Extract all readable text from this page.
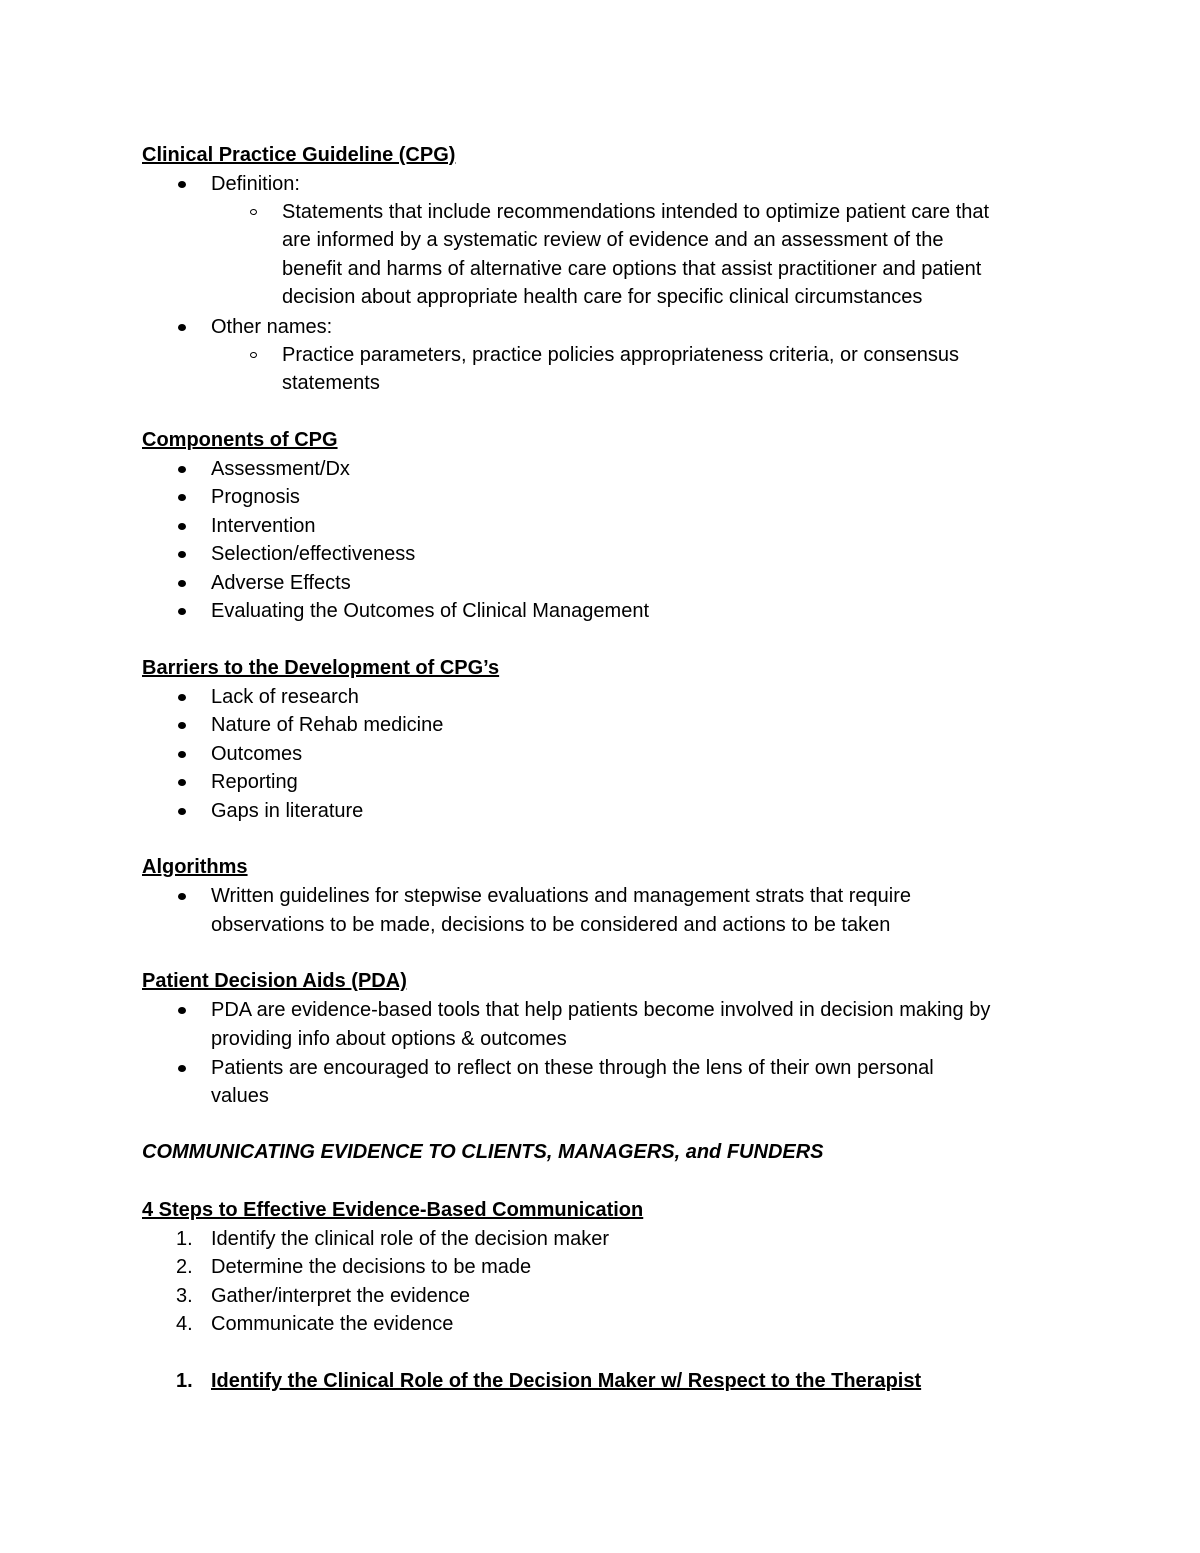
Clinical Practice Guideline (CPG)
Definition:
Statements that include recommendations intended to optimize patient care that
are informed by a systematic review of evidence and an assessment of the
benefit and harms of alternative care options that assist practitioner and patient
decision about appropriate health care for specific clinical circumstances
Other names:
Practice parameters, practice policies appropriateness criteria, or consensus
statements
Components of CPG
Assessment/Dx
Prognosis
Intervention
Selection/effectiveness
Adverse Effects
Evaluating the Outcomes of Clinical Management
Barriers to the Development of CPG’s
Lack of research
Nature of Rehab medicine
Outcomes
Reporting
Gaps in literature
Algorithms
Written guidelines for stepwise evaluations and management strats that require
observations to be made, decisions to be considered and actions to be taken
Patient Decision Aids (PDA)
PDA are evidence-based tools that help patients become involved in decision making by
providing info about options & outcomes
Patients are encouraged to reflect on these through the lens of their own personal
values
COMMUNICATING EVIDENCE TO CLIENTS, MANAGERS, and FUNDERS
4 Steps to Effective Evidence-Based Communication
1. Identify the clinical role of the decision maker
2. Determine the decisions to be made
3. Gather/interpret the evidence
4. Communicate the evidence
1. Identify the Clinical Role of the Decision Maker w/ Respect to the Therapist
